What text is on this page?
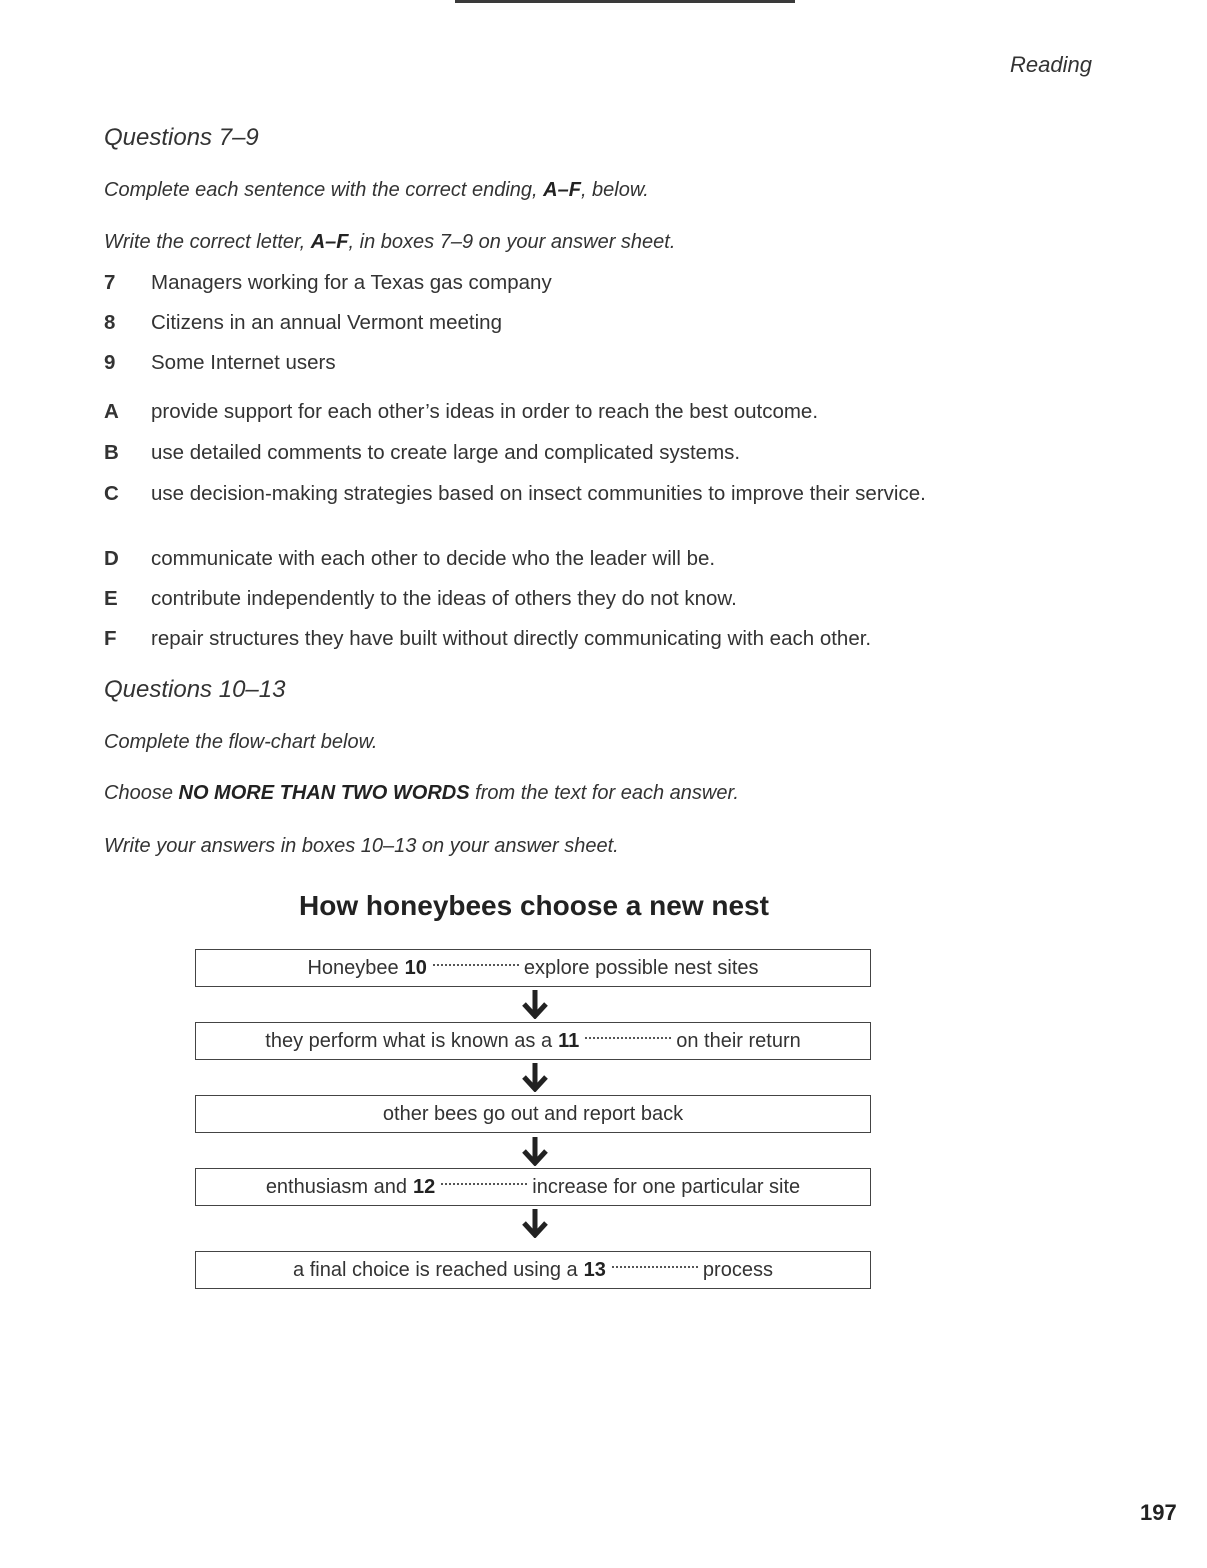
Reading
Questions 7–9
Complete each sentence with the correct ending, A–F, below.
Write the correct letter, A–F, in boxes 7–9 on your answer sheet.
7	Managers working for a Texas gas company
8	Citizens in an annual Vermont meeting
9	Some Internet users
A	provide support for each other’s ideas in order to reach the best outcome.
B	use detailed comments to create large and complicated systems.
C	use decision-making strategies based on insect communities to improve their service.
D	communicate with each other to decide who the leader will be.
E	contribute independently to the ideas of others they do not know.
F	repair structures they have built without directly communicating with each other.
Questions 10–13
Complete the flow-chart below.
Choose NO MORE THAN TWO WORDS from the text for each answer.
Write your answers in boxes 10–13 on your answer sheet.
How honeybees choose a new nest
Honeybee 10	explore possible nest sites
they perform what is known as a 11	on their return
other bees go out and report back
enthusiasm and 12	increase for one particular site
a final choice is reached using a 13	process
197
